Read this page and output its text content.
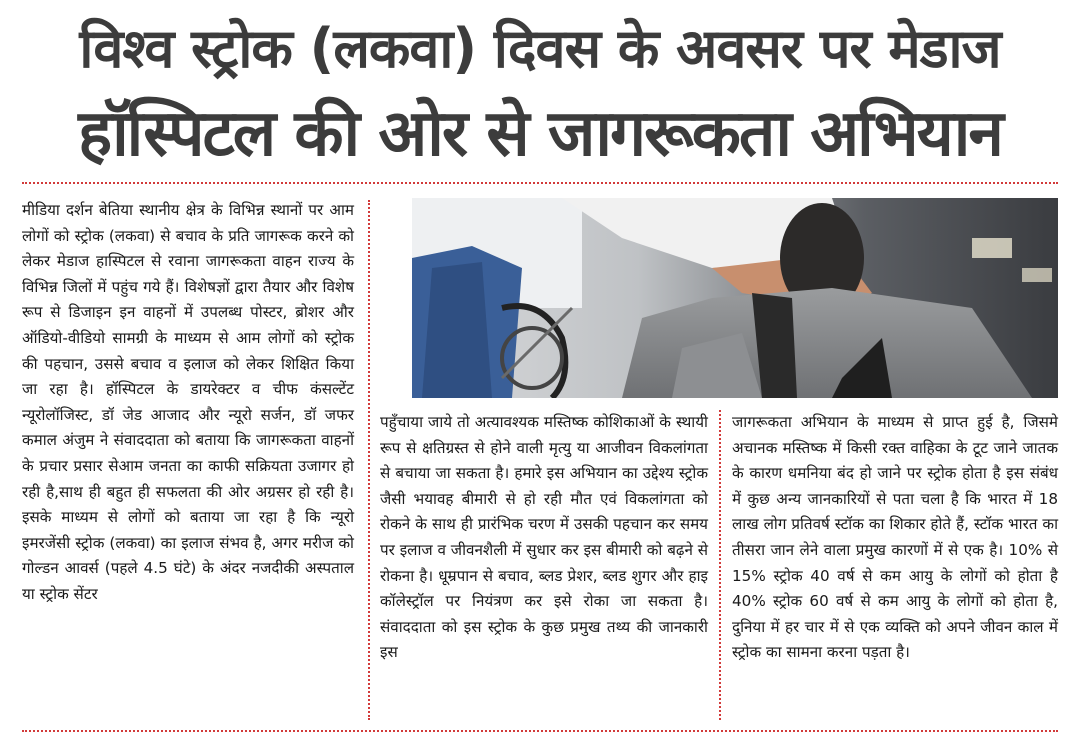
विश्व स्ट्रोक (लकवा) दिवस के अवसर पर मेडाज
हॉस्पिटल की ओर से जागरूकता अभियान

मीडिया दर्शन बेतिया स्थानीय क्षेत्र के विभिन्न स्थानों पर आम लोगों को स्ट्रोक (लकवा) से बचाव के प्रति जागरूक करने को लेकर मेडाज हास्पिटल से रवाना जागरूकता वाहन राज्य के विभिन्न जिलों में पहुंच गये हैं। विशेषज्ञों द्वारा तैयार और विशेष रूप से डिजाइन इन वाहनों में उपलब्ध पोस्टर, ब्रोशर और ऑडियो-वीडियो सामग्री के माध्यम से आम लोगों को स्ट्रोक की पहचान, उससे बचाव व इलाज को लेकर शिक्षित किया जा रहा है। हॉस्पिटल के डायरेक्टर व चीफ कंसल्टेंट न्यूरोलॉजिस्ट, डॉ जेड आजाद और न्यूरो सर्जन, डॉ जफर कमाल अंजुम ने संवाददाता को बताया कि जागरूकता वाहनों के प्रचार प्रसार सेआम जनता का काफी सक्रियता उजागर हो रही है,साथ ही बहुत ही सफलता की ओर अग्रसर हो रही है। इसके माध्यम से लोगों को बताया जा रहा है कि न्यूरो इमरजेंसी स्ट्रोक (लकवा) का इलाज संभव है, अगर मरीज को गोल्डन आवर्स (पहले 4.5 घंटे) के अंदर नजदीकी अस्पताल या स्ट्रोक सेंटर

पहुँचाया जाये तो अत्यावश्यक मस्तिष्क कोशिकाओं के स्थायी रूप से क्षतिग्रस्त से होने वाली मृत्यु या आजीवन विकलांगता से बचाया जा सकता है। हमारे इस अभियान का उद्देश्य स्ट्रोक जैसी भयावह बीमारी से हो रही मौत एवं विकलांगता को रोकने के साथ ही प्रारंभिक चरण में उसकी पहचान कर समय पर इलाज व जीवनशैली में सुधार कर इस बीमारी को बढ़ने से रोकना है। धूम्रपान से बचाव, ब्लड प्रेशर, ब्लड शुगर और हाइ कॉलेस्ट्रॉल पर नियंत्रण कर इसे रोका जा सकता है। संवाददाता को इस स्ट्रोक के कुछ प्रमुख तथ्य की जानकारी इस

जागरूकता अभियान के माध्यम से प्राप्त हुई है, जिसमे अचानक मस्तिष्क में किसी रक्त वाहिका के टूट जाने जातक के कारण धमनिया बंद हो जाने पर स्ट्रोक होता है इस संबंध में कुछ अन्य जानकारियों से पता चला है कि भारत में 18 लाख लोग प्रतिवर्ष स्टॉक का शिकार होते हैं, स्टॉक भारत का तीसरा जान लेने वाला प्रमुख कारणों में से एक है। 10% से 15% स्ट्रोक 40 वर्ष से कम आयु के लोगों को होता है 40% स्ट्रोक 60 वर्ष से कम आयु के लोगों को होता है, दुनिया में हर चार में से एक व्यक्ति को अपने जीवन काल में स्ट्रोक का सामना करना पड़ता है।
